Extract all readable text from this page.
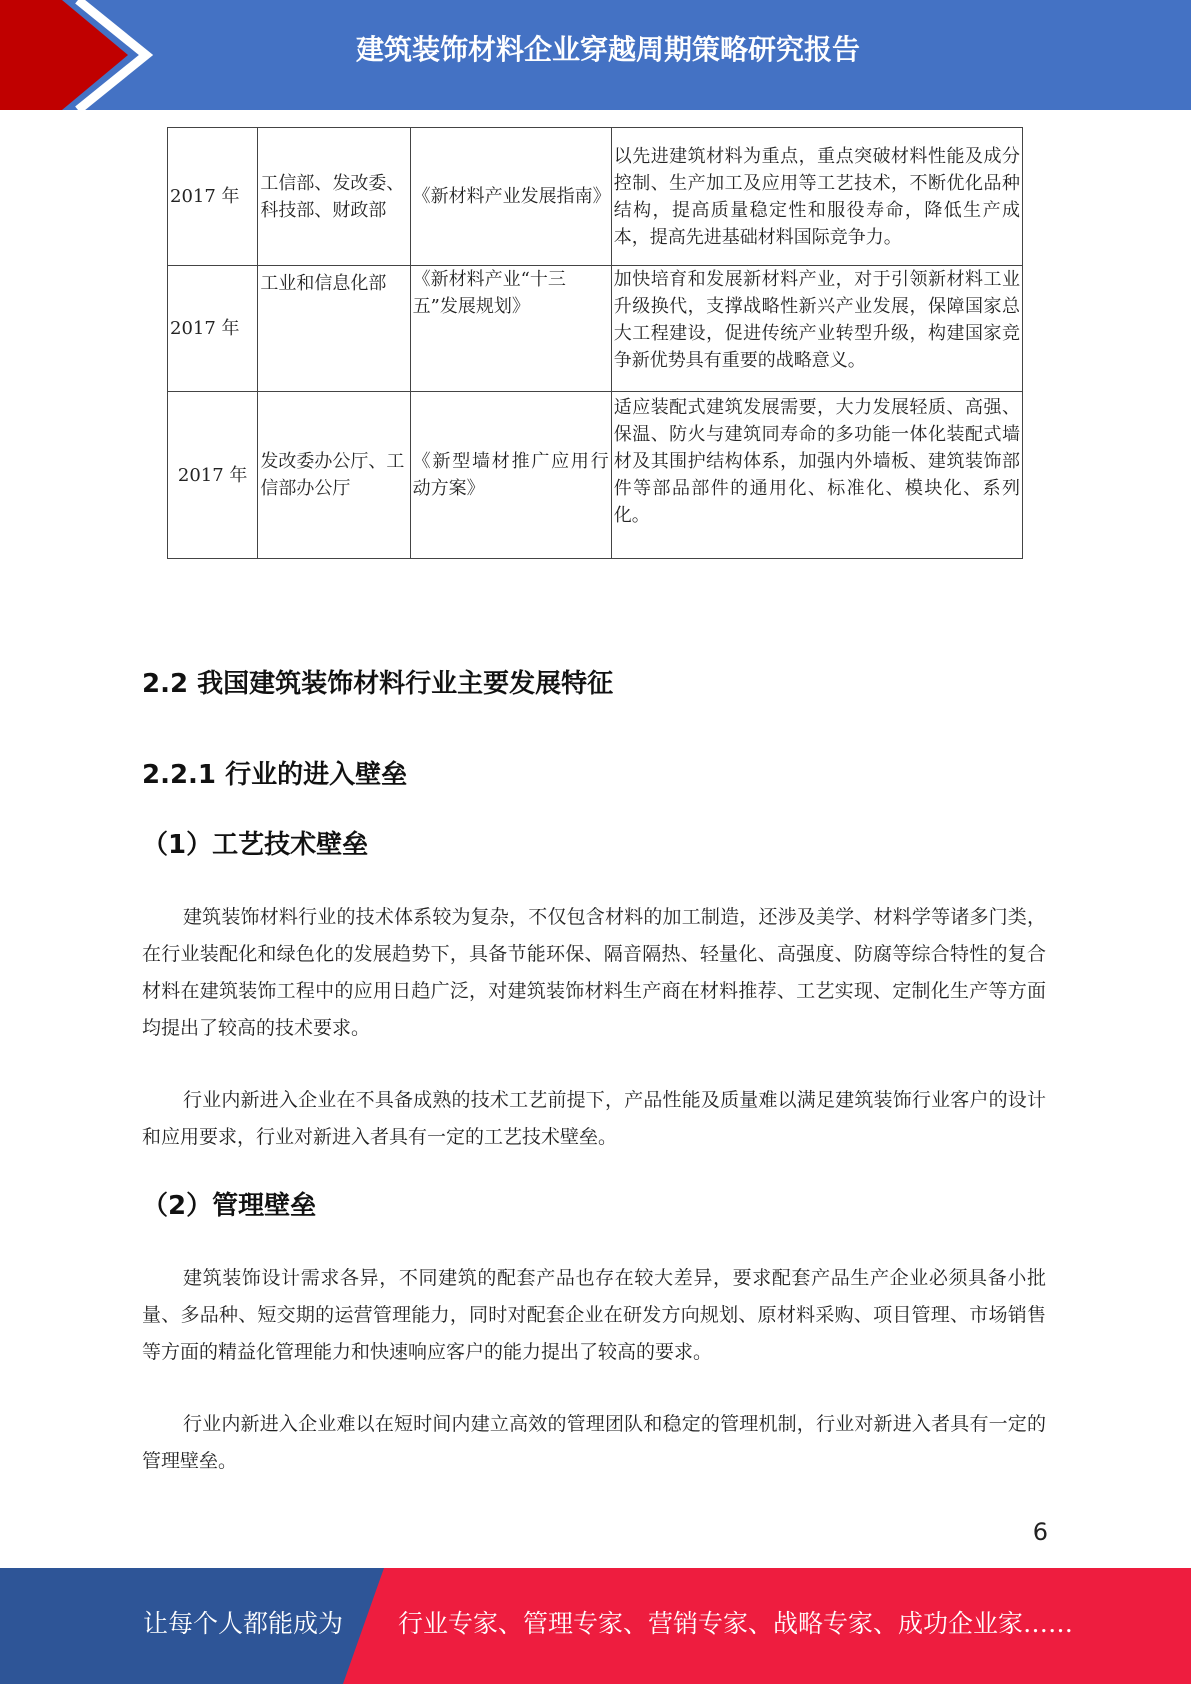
建筑装饰材料企业穿越周期策略研究报告
2017 年	工信部、发改委、科技部、财政部	《新材料产业发展指南》	以先进建筑材料为重点，重点突破材料性能及成分控制、生产加工及应用等工艺技术，不断优化品种结构，提高质量稳定性和服役寿命，降低生产成本，提高先进基础材料国际竞争力。
2017 年	工业和信息化部	《新材料产业“十三五”发展规划》	加快培育和发展新材料产业，对于引领新材料工业升级换代，支撑战略性新兴产业发展，保障国家总大工程建设，促进传统产业转型升级，构建国家竞争新优势具有重要的战略意义。
2017 年	发改委办公厅、工信部办公厅	《新型墙材推广应用行动方案》	适应装配式建筑发展需要，大力发展轻质、高强、保温、防火与建筑同寿命的多功能一体化装配式墙材及其围护结构体系，加强内外墙板、建筑装饰部件等部品部件的通用化、标准化、模块化、系列化。
2.2 我国建筑装饰材料行业主要发展特征
2.2.1 行业的进入壁垒
（1）工艺技术壁垒

建筑装饰材料行业的技术体系较为复杂，不仅包含材料的加工制造，还涉及美学、材料学等诸多门类，在行业装配化和绿色化的发展趋势下，具备节能环保、隔音隔热、轻量化、高强度、防腐等综合特性的复合材料在建筑装饰工程中的应用日趋广泛，对建筑装饰材料生产商在材料推荐、工艺实现、定制化生产等方面均提出了较高的技术要求。

行业内新进入企业在不具备成熟的技术工艺前提下，产品性能及质量难以满足建筑装饰行业客户的设计和应用要求，行业对新进入者具有一定的工艺技术壁垒。

（2）管理壁垒

建筑装饰设计需求各异，不同建筑的配套产品也存在较大差异，要求配套产品生产企业必须具备小批量、多品种、短交期的运营管理能力，同时对配套企业在研发方向规划、原材料采购、项目管理、市场销售等方面的精益化管理能力和快速响应客户的能力提出了较高的要求。

行业内新进入企业难以在短时间内建立高效的管理团队和稳定的管理机制，行业对新进入者具有一定的管理壁垒。

6
让每个人都能成为 行业专家、管理专家、营销专家、战略专家、成功企业家……
